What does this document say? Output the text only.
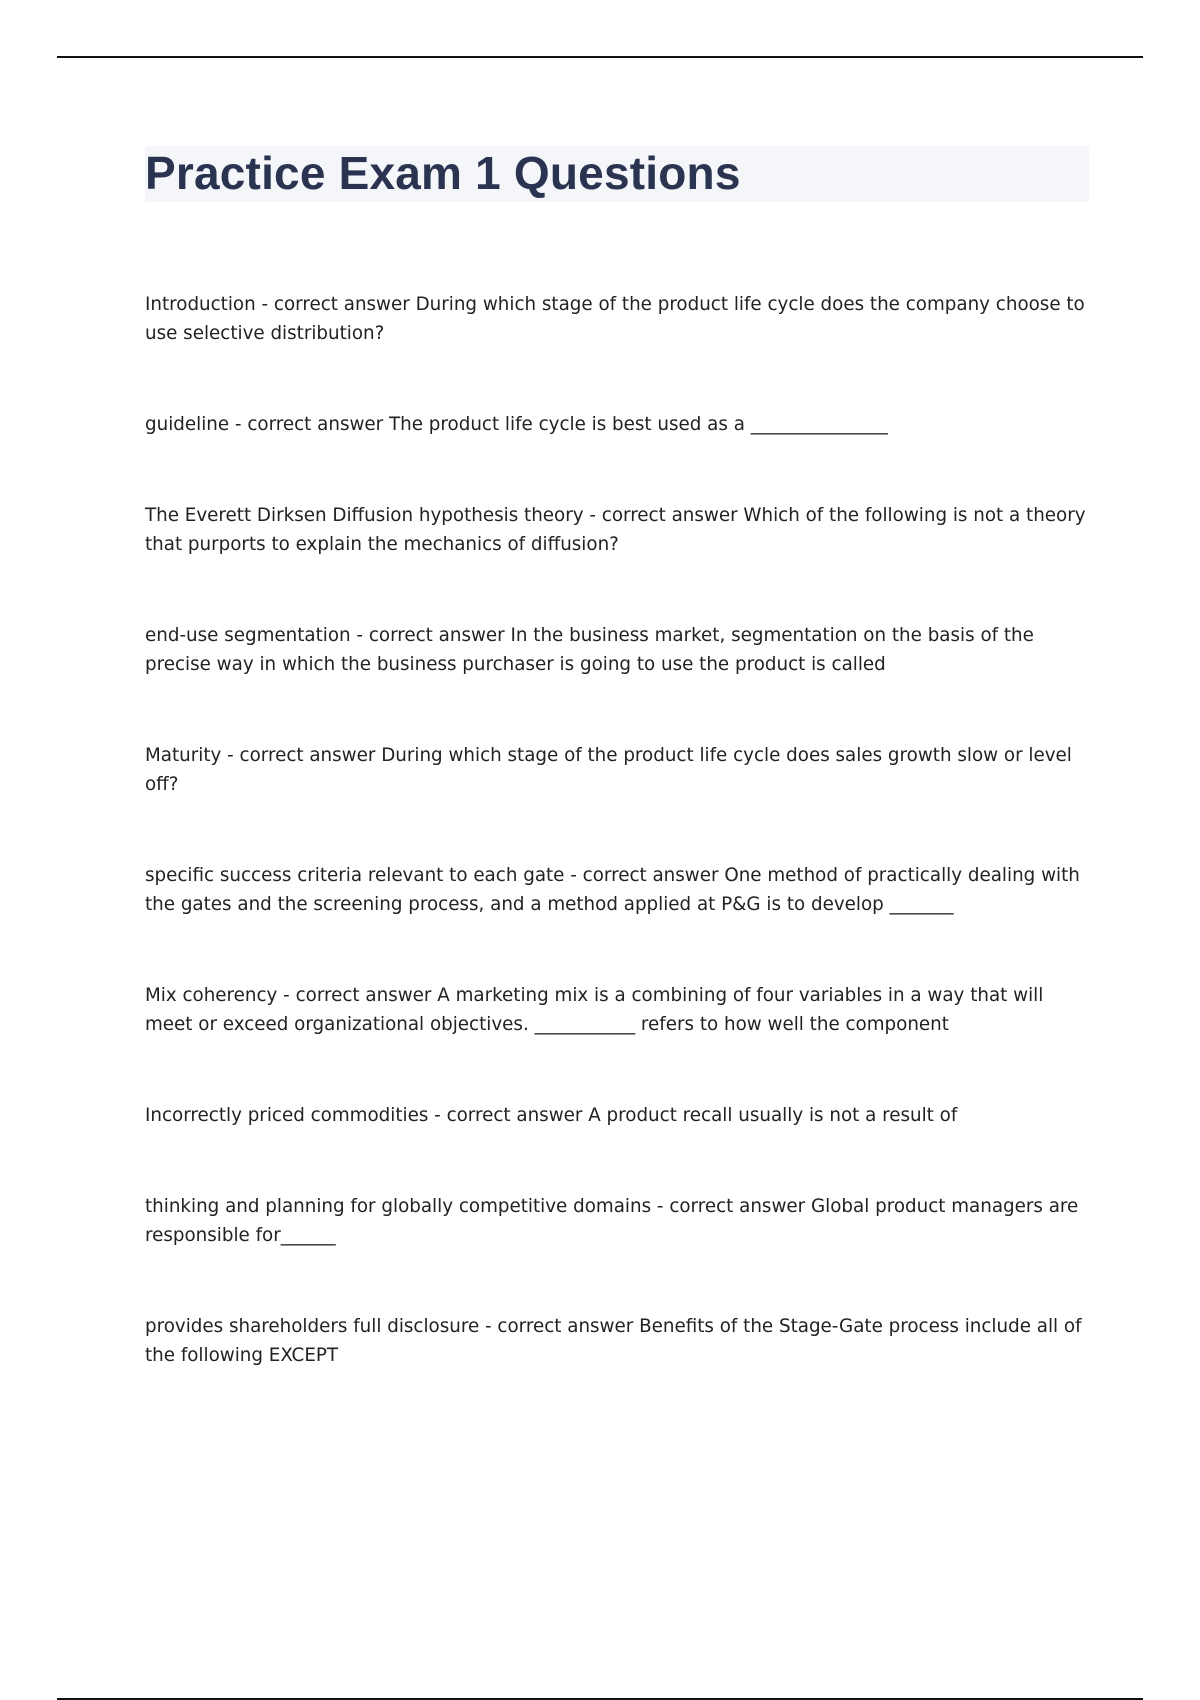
Practice Exam 1 Questions
Introduction - correct answer During which stage of the product life cycle does the company choose to use selective distribution?
guideline - correct answer The product life cycle is best used as a _______________
The Everett Dirksen Diffusion hypothesis theory - correct answer Which of the following is not a theory that purports to explain the mechanics of diffusion?
end-use segmentation - correct answer In the business market, segmentation on the basis of the precise way in which the business purchaser is going to use the product is called
Maturity - correct answer During which stage of the product life cycle does sales growth slow or level off?
specific success criteria relevant to each gate - correct answer One method of practically dealing with the gates and the screening process, and a method applied at P&G is to develop _______
Mix coherency - correct answer A marketing mix is a combining of four variables in a way that will meet or exceed organizational objectives. ___________ refers to how well the component
Incorrectly priced commodities - correct answer A product recall usually is not a result of
thinking and planning for globally competitive domains - correct answer Global product managers are responsible for______
provides shareholders full disclosure - correct answer Benefits of the Stage-Gate process include all of the following EXCEPT
